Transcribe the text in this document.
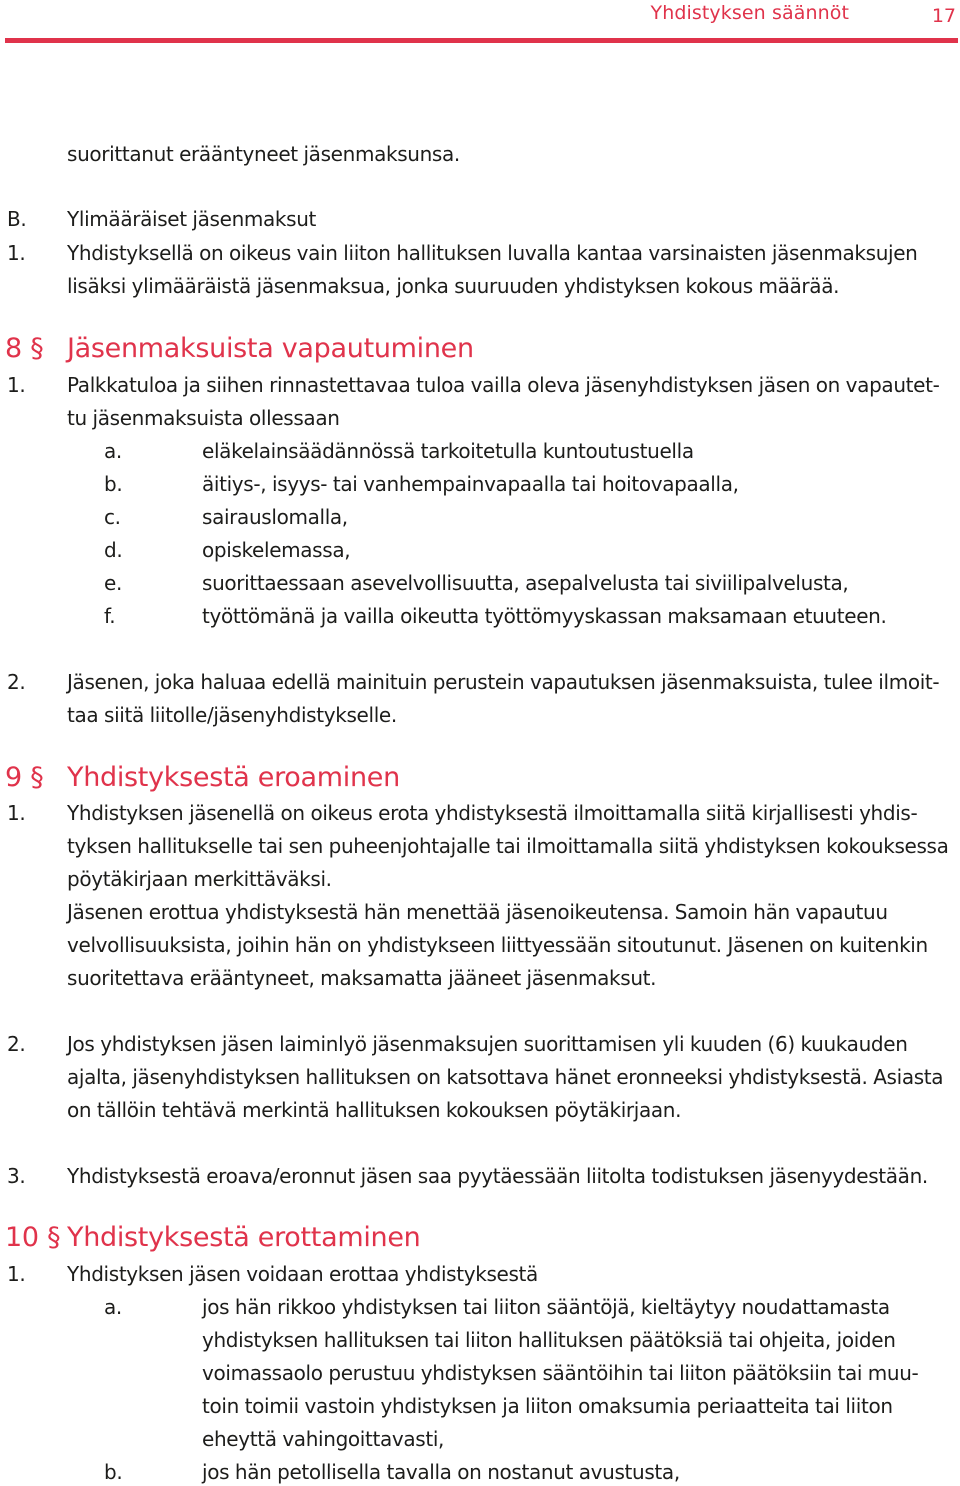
Yhdistyksen säännöt	17
suorittanut erääntyneet jäsenmaksunsa.
B. Ylimääräiset jäsenmaksut
1. Yhdistyksellä on oikeus vain liiton hallituksen luvalla kantaa varsinaisten jäsenmaksujen
lisäksi ylimääräistä jäsenmaksua, jonka suuruuden yhdistyksen kokous määrää.
8 § Jäsenmaksuista vapautuminen
1. Palkkatuloa ja siihen rinnastettavaa tuloa vailla oleva jäsenyhdistyksen jäsen on vapautet-
tu jäsenmaksuista ollessaan
a.	eläkelainsäädännössä tarkoitetulla kuntoutustuella
b.	äitiys-, isyys- tai vanhempainvapaalla tai hoitovapaalla,
c.	sairauslomalla,
d.	opiskelemassa,
e.	suorittaessaan asevelvollisuutta, asepalvelusta tai siviilipalvelusta,
f.	työttömänä ja vailla oikeutta työttömyyskassan maksamaan etuuteen.
2. Jäsenen, joka haluaa edellä mainituin perustein vapautuksen jäsenmaksuista, tulee ilmoit-
taa siitä liitolle/jäsenyhdistykselle.
9 § Yhdistyksestä eroaminen
1. Yhdistyksen jäsenellä on oikeus erota yhdistyksestä ilmoittamalla siitä kirjallisesti yhdis-
tyksen hallitukselle tai sen puheenjohtajalle tai ilmoittamalla siitä yhdistyksen kokouksessa
pöytäkirjaan merkittäväksi.
Jäsenen erottua yhdistyksestä hän menettää jäsenoikeutensa. Samoin hän vapautuu
velvollisuuksista, joihin hän on yhdistykseen liittyessään sitoutunut. Jäsenen on kuitenkin
suoritettava erääntyneet, maksamatta jääneet jäsenmaksut.
2. Jos yhdistyksen jäsen laiminlyö jäsenmaksujen suorittamisen yli kuuden (6) kuukauden
ajalta, jäsenyhdistyksen hallituksen on katsottava hänet eronneeksi yhdistyksestä. Asiasta
on tällöin tehtävä merkintä hallituksen kokouksen pöytäkirjaan.
3. Yhdistyksestä eroava/eronnut jäsen saa pyytäessään liitolta todistuksen jäsenyydestään.
10 § Yhdistyksestä erottaminen
1. Yhdistyksen jäsen voidaan erottaa yhdistyksestä
a.	jos hän rikkoo yhdistyksen tai liiton sääntöjä, kieltäytyy noudattamasta
yhdistyksen hallituksen tai liiton hallituksen päätöksiä tai ohjeita, joiden
voimassaolo perustuu yhdistyksen sääntöihin tai liiton päätöksiin tai muu-
toin toimii vastoin yhdistyksen ja liiton omaksumia periaatteita tai liiton
eheyttä vahingoittavasti,
b.	jos hän petollisella tavalla on nostanut avustusta,
